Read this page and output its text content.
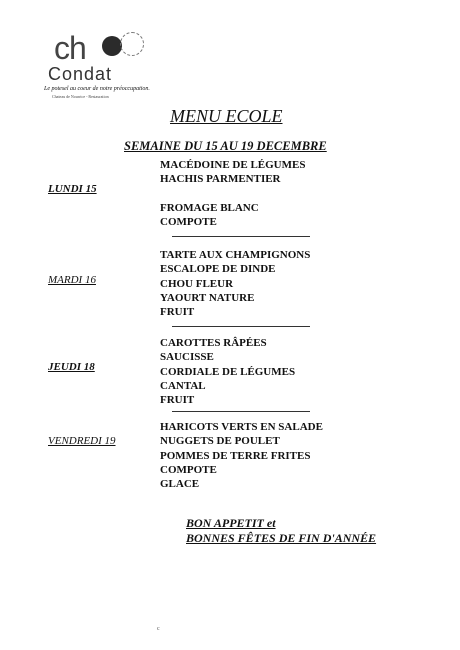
ch
Condat
Le potesel au coeur de notre préoccupation.
Chateau de Nourrice - Restauration
MENU ECOLE
SEMAINE DU 15 AU 19 DECEMBRE
LUNDI 15
MACÉDOINE DE LÉGUMES
HACHIS PARMENTIER
FROMAGE BLANC
COMPOTE
MARDI 16
TARTE AUX CHAMPIGNONS
ESCALOPE DE DINDE
CHOU FLEUR
YAOURT NATURE
FRUIT
JEUDI 18
CAROTTES RÂPÉES
SAUCISSE
CORDIALE DE LÉGUMES
CANTAL
FRUIT
VENDREDI 19
HARICOTS VERTS EN SALADE
NUGGETS DE POULET
POMMES DE TERRE FRITES
COMPOTE
GLACE
BON APPETIT et
BONNES FÊTES DE FIN D'ANNÉE
c
